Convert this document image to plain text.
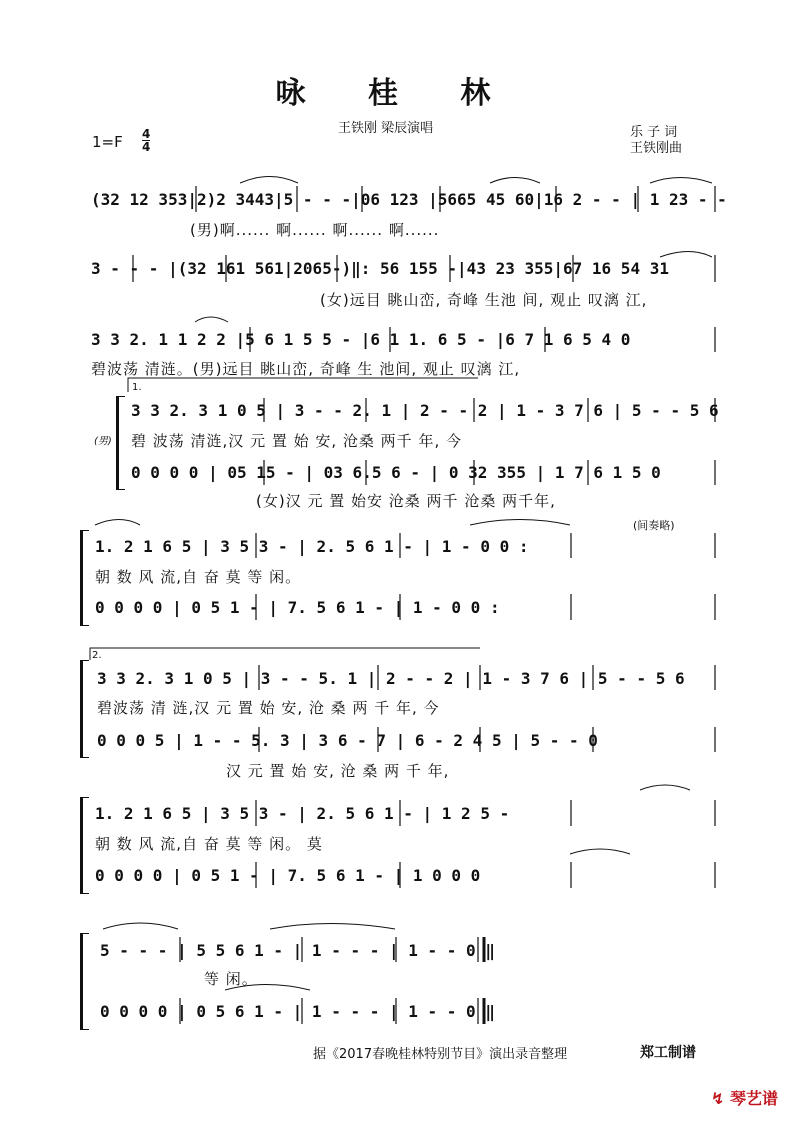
咏 桂 林
王铁刚 梁辰演唱	乐 子 词
王铁刚曲
1=F 4
4
(32 12 353|2)2 3443|5 - - -|06 123 |5665 45 60|16 2 - - | 1 23 - -
(男)啊...... 啊...... 啊...... 啊......
3 - - - |(32 161 561|2065-)‖: 56 155 -|43 23 355|67 16 54 31
(女)远目 眺山峦, 奇峰 生池 间, 观止 叹漓 江,
3 3 2. 1 1 2 2 |5 6 1 5 5 - |6 1 1. 6 5 - |6 7 1 6 5 4 0
碧波荡 清涟。(男)远目 眺山峦, 奇峰 生 池间, 观止 叹漓 江,
1.
(男)
3 3 2. 3 1 0 5 | 3 - - 2. 1 | 2 - - 2 | 1 - 3 7 6 | 5 - - 5 6
碧 波荡 清涟,汉 元 置 始 安, 沧桑 两千 年, 今
0 0 0 0 | 05 15 - | 03 6.5 6 - | 0 32 355 | 1 7 6 1 5 0
(女)汉 元 置 始安 沧桑 两千 沧桑 两千年,
(间奏略)
1. 2 1 6 5 | 3 5 3 - | 2. 5 6 1 - | 1 - 0 0 :
朝 数 风 流,自 奋 莫 等 闲。
0 0 0 0 | 0 5 1 - | 7. 5 6 1 - | 1 - 0 0 :
2.
3 3 2. 3 1 0 5 | 3 - - 5. 1 | 2 - - 2 | 1 - 3 7 6 | 5 - - 5 6
碧波荡 清 涟,汉 元 置 始 安, 沧 桑 两 千 年, 今
0 0 0 5 | 1 - - 5. 3 | 3 6 - 7 | 6 - 2 4 5 | 5 - - 0
汉 元 置 始 安, 沧 桑 两 千 年,
1. 2 1 6 5 | 3 5 3 - | 2. 5 6 1 - | 1 2 5 -
朝 数 风 流,自 奋 莫 等 闲。 莫
0 0 0 0 | 0 5 1 - | 7. 5 6 1 - | 1 0 0 0
5 - - - | 5 5 6 1 - | 1 - - - | 1 - - 0 ‖
等 闲。
0 0 0 0 | 0 5 6 1 - | 1 - - - | 1 - - 0 ‖
据《2017春晚桂林特别节目》演出录音整理	郑工制谱
↯ 琴艺谱
